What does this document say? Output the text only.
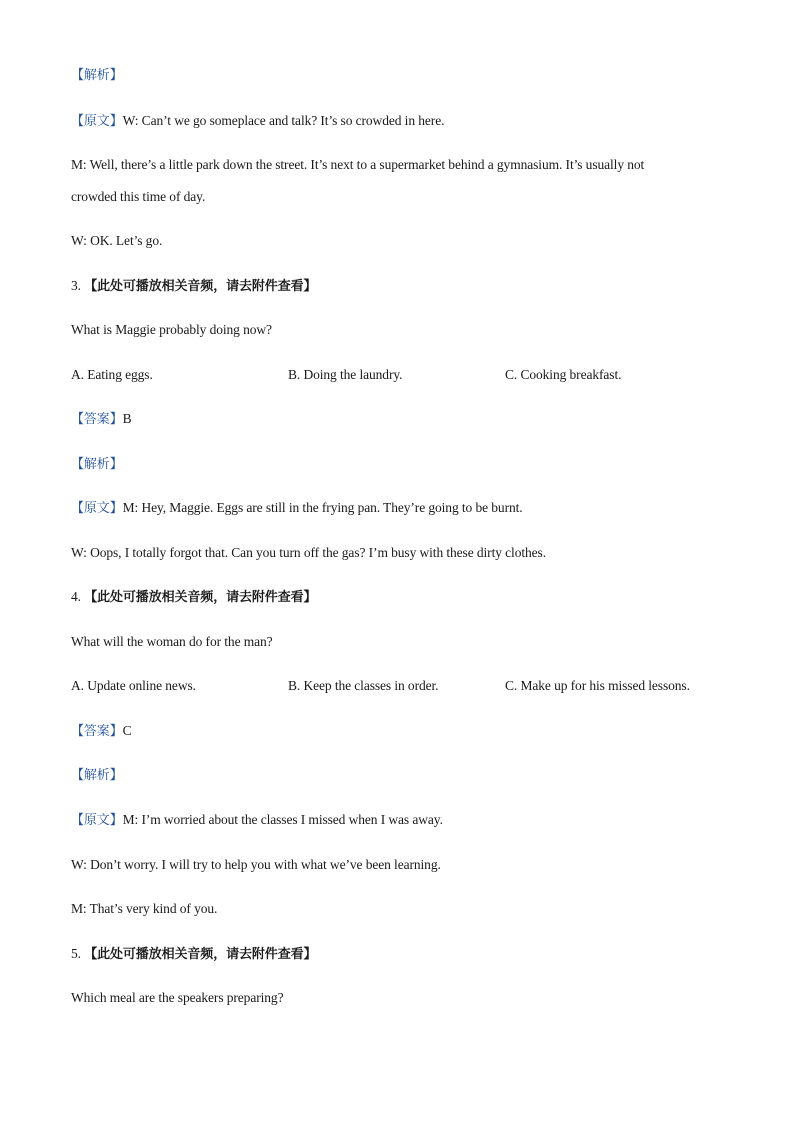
【解析】
【原文】W: Can’t we go someplace and talk? It’s so crowded in here.
M: Well, there’s a little park down the street. It’s next to a supermarket behind a gymnasium. It’s usually not
crowded this time of day.
W: OK. Let’s go.
3. 【此处可播放相关音频，请去附件查看】
What is Maggie probably doing now?
A. Eating eggs.	B. Doing the laundry.	C. Cooking breakfast.
【答案】B
【解析】
【原文】M: Hey, Maggie. Eggs are still in the frying pan. They’re going to be burnt.
W: Oops, I totally forgot that. Can you turn off the gas? I’m busy with these dirty clothes.
4. 【此处可播放相关音频，请去附件查看】
What will the woman do for the man?
A. Update online news.	B. Keep the classes in order.	C. Make up for his missed lessons.
【答案】C
【解析】
【原文】M: I’m worried about the classes I missed when I was away.
W: Don’t worry. I will try to help you with what we’ve been learning.
M: That’s very kind of you.
5. 【此处可播放相关音频，请去附件查看】
Which meal are the speakers preparing?
